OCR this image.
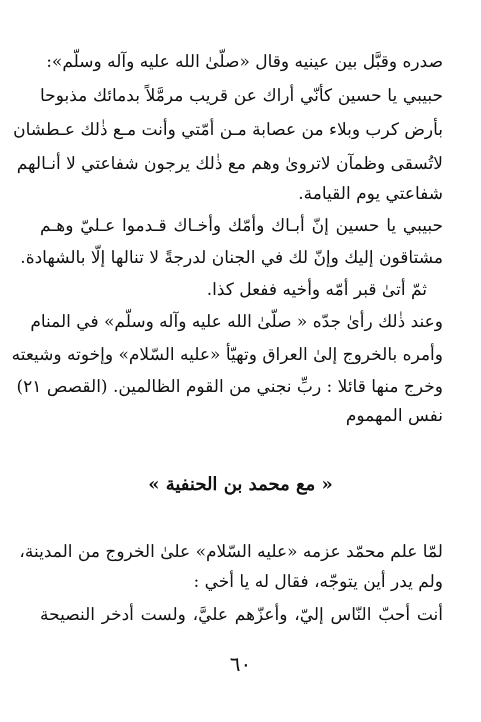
صدره وقبَّل بين عينيه وقال «صلّىٰ الله عليه وآله وسلّم»:
حبيبي يا حسين كأنّي أراك عن قريب مرمَّلاً بدمائك مذبوحا
بأرض كرب وبلاء من عصابة مـن أمّتي وأنت مـع ذٰلك عـطشان
لاتُسقى وظمآن لاتروىٰ وهم مع ذٰلك يرجون شفاعتي لا أنـالهم
شفاعتي يوم القيامة.
حبيبي يا حسين إنّ أبـاك وأمّك وأخـاك قـدموا عـليّ وهـم
مشتاقون إليك وإنّ لك في الجنان لدرجةً لا تنالها إلّا بالشهادة.
ثمّ أتىٰ قبر أمّه وأخيه ففعل كذا.
وعند ذٰلك رأىٰ جدّه « صلّىٰ الله عليه وآله وسلّم» في المنام
وأمره بالخروج إلىٰ العراق وتهيّأ «عليه السّلام» وإخوته وشيعته
وخرج منها قائلا : ربِّ نجني من القوم الظالمين. (القصص ٢١)
نفس المهموم
« مع محمد بن الحنفية »
لمّا علم محمّد عزمه «عليه السّلام» علىٰ الخروج من المدينة،
ولم يدر أين يتوجّه، فقال له يا أخي :
أنت أحبّ النّاس إليّ، وأعزّهم عليَّ، ولست أدخر النصيحة
٦٠
